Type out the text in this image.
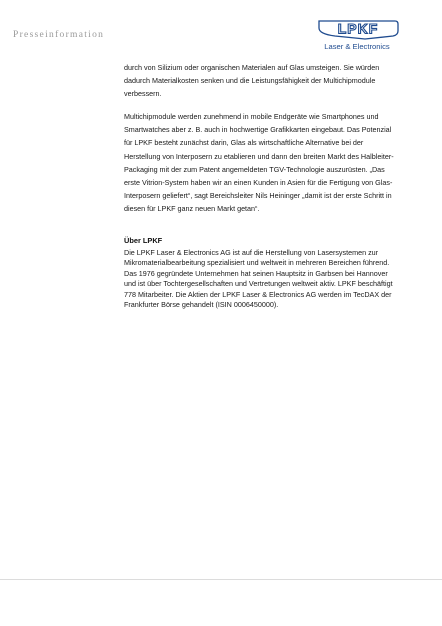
Presseinformation	LPKF
Laser & Electronics

durch von Silizium oder organischen Materialen auf Glas umsteigen. Sie würden dadurch Materialkosten senken und die Leistungsfähigkeit der Multichipmodule verbessern.

Multichipmodule werden zunehmend in mobile Endgeräte wie Smartphones und Smartwatches aber z. B. auch in hochwertige Grafikkarten eingebaut. Das Potenzial für LPKF besteht zunächst darin, Glas als wirtschaftliche Alternative bei der Herstellung von Interposern zu etablieren und dann den breiten Markt des Halbleiter-Packaging mit der zum Patent angemeldeten TGV-Technologie auszurüsten. „Das erste Vitrion-System haben wir an einen Kunden in Asien für die Fertigung von Glas-Interposern geliefert“, sagt Bereichsleiter Nils Heininger „damit ist der erste Schritt in diesen für LPKF ganz neuen Markt getan“.

Über LPKF

Die LPKF Laser & Electronics AG ist auf die Herstellung von Lasersystemen zur Mikromaterialbearbeitung spezialisiert und weltweit in mehreren Bereichen führend. Das 1976 gegründete Unternehmen hat seinen Hauptsitz in Garbsen bei Hannover und ist über Tochtergesellschaften und Vertretungen weltweit aktiv. LPKF beschäftigt 778 Mitarbeiter. Die Aktien der LPKF Laser & Electronics AG werden im TecDAX der Frankfurter Börse gehandelt (ISIN 0006450000).
